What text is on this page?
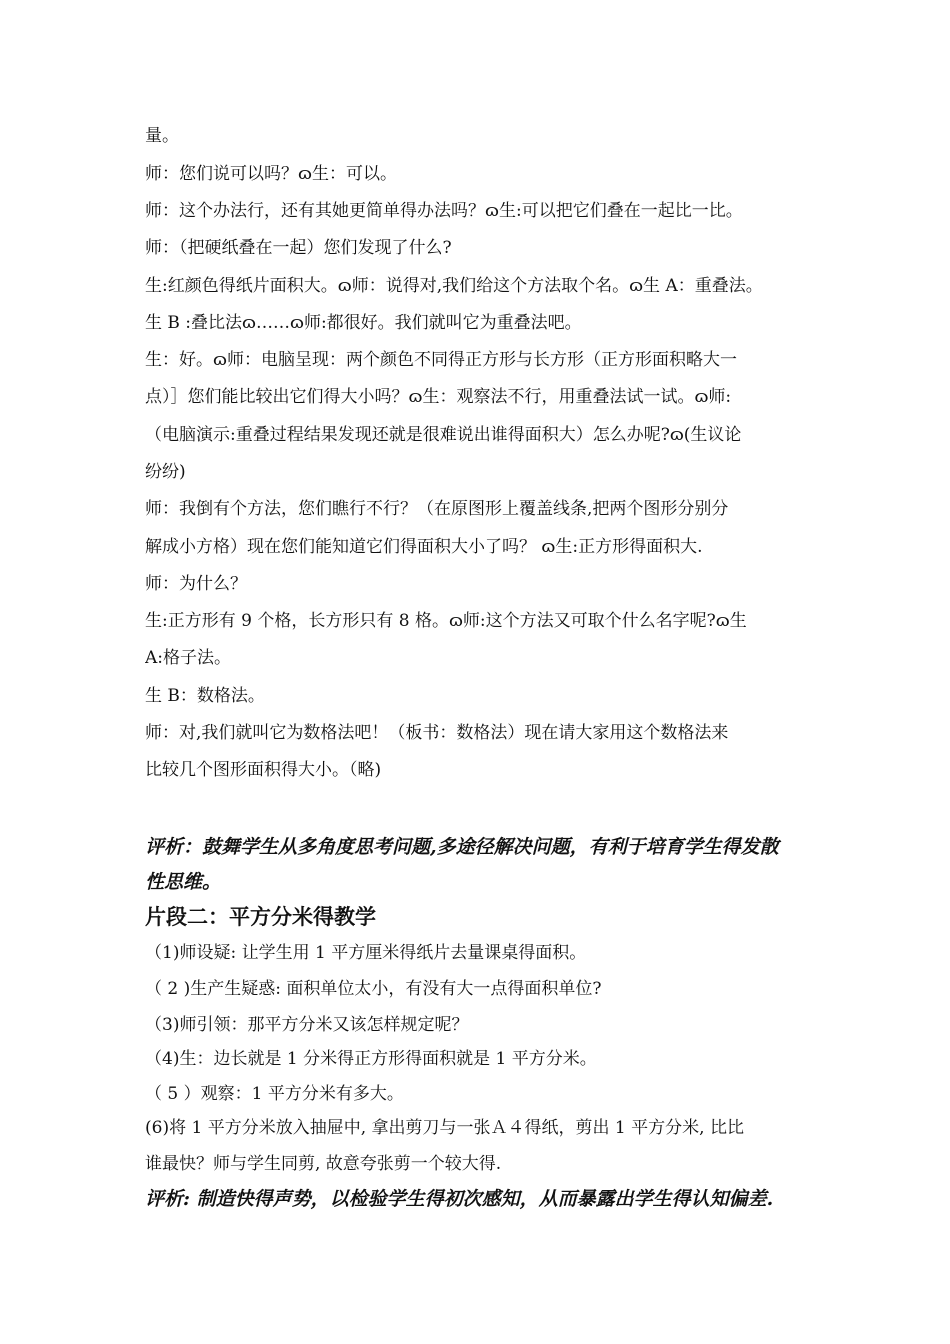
量。
师：您们说可以吗？ɷ生：可以。
师：这个办法行，还有其她更简单得办法吗？ɷ生:可以把它们叠在一起比一比。
师：（把硬纸叠在一起）您们发现了什么?
生:红颜色得纸片面积大。ɷ师：说得对,我们给这个方法取个名。ɷ生 A：重叠法。
生 B :叠比法ɷ……ɷ师:都很好。我们就叫它为重叠法吧。
生：好。ɷ师：电脑呈现：两个颜色不同得正方形与长方形（正方形面积略大一
点）］您们能比较出它们得大小吗？ɷ生：观察法不行，用重叠法试一试。ɷ师:
（电脑演示:重叠过程结果发现还就是很难说出谁得面积大）怎么办呢?ɷ(生议论
纷纷)
师：我倒有个方法，您们瞧行不行？（在原图形上覆盖线条,把两个图形分别分
解成小方格）现在您们能知道它们得面积大小了吗？ ɷ生:正方形得面积大.
师：为什么？
生:正方形有 9 个格，长方形只有 8 格。ɷ师:这个方法又可取个什么名字呢?ɷ生
A:格子法。
生 B：数格法。
师：对,我们就叫它为数格法吧！（板书：数格法）现在请大家用这个数格法来
比较几个图形面积得大小。（略)
评析：鼓舞学生从多角度思考问题,多途径解决问题，有利于培育学生得发散
性思维。
片段二：平方分米得教学
（1)师设疑: 让学生用 1 平方厘米得纸片去量课桌得面积。
（ 2 )生产生疑惑: 面积单位太小，有没有大一点得面积单位?
（3)师引领：那平方分米又该怎样规定呢？
（4)生：边长就是 1 分米得正方形得面积就是 1 平方分米。
（ 5 ）观察：1 平方分米有多大。
(6)将 1 平方分米放入抽屉中, 拿出剪刀与一张Ａ４得纸，剪出 1 平方分米, 比比
谁最快？师与学生同剪, 故意夸张剪一个较大得.
评析: 制造快得声势，以检验学生得初次感知，从而暴露出学生得认知偏差.
